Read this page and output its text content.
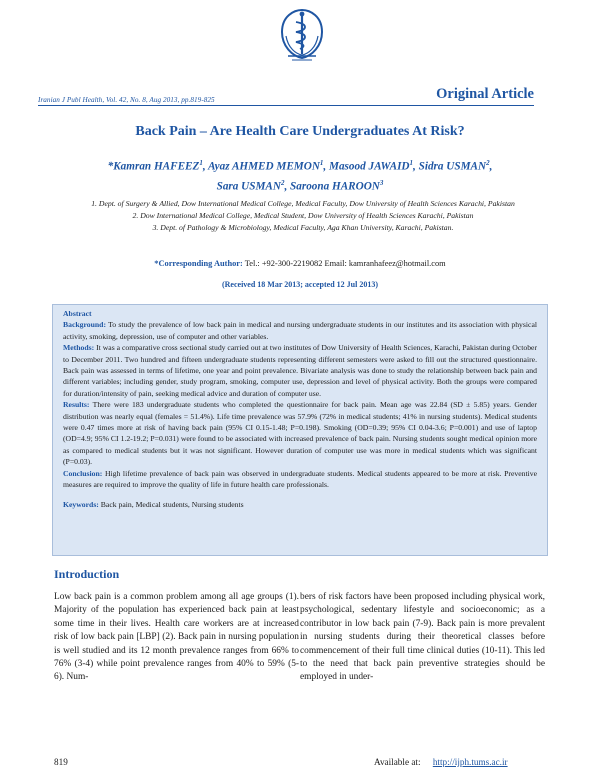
Iranian J Publ Health, Vol. 42, No. 8, Aug 2013, pp.819-825	Original Article
Back Pain – Are Health Care Undergraduates At Risk?
*Kamran HAFEEZ$^1$, Ayaz AHMED MEMON$^1$, Masood JAWAID$^1$, Sidra USMAN$^2$,
Sara USMAN$^2$, Saroona HAROON$^3$
1. Dept. of Surgery & Allied, Dow International Medical College, Medical Faculty, Dow University of Health Sciences Karachi, Pakistan
2. Dow International Medical College, Medical Student, Dow University of Health Sciences Karachi, Pakistan
3. Dept. of Pathology & Microbiology, Medical Faculty, Aga Khan University, Karachi, Pakistan.
*Corresponding Author: Tel.: +92-300-2219082 Email: kamranhafeez@hotmail.com
(Received 18 Mar 2013; accepted 12 Jul 2013)

Abstract

Background: To study the prevalence of low back pain in medical and nursing undergraduate students in our institutes and its association with physical activity, smoking, depression, use of computer and other variables.

Methods: It was a comparative cross sectional study carried out at two institutes of Dow University of Health Sciences, Karachi, Pakistan during October to December 2011. Two hundred and fifteen undergraduate students representing different semesters were asked to fill out the structured questionnaire. Back pain was assessed in terms of lifetime, one year and point prevalence. Bivariate analysis was done to study the relationship between back pain and different variables; including gender, study program, smoking, computer use, depression and level of physical activity. Both the groups were compared for duration/intensity of pain, seeking medical advice and duration of computer use.

Results: There were 183 undergraduate students who completed the questionnaire for back pain. Mean age was 22.84 (SD ± 5.85) years. Gender distribution was nearly equal (females = 51.4%). Life time prevalence was 57.9% (72% in medical students; 41% in nursing students). Medical students were 0.47 times more at risk of having back pain (95% CI 0.15-1.48; P=0.198). Smoking (OD=0.39; 95% CI 0.04-3.6; P=0.001) and use of laptop (OD=4.9; 95% CI 1.2-19.2; P=0.031) were found to be associated with increased prevalence of back pain. Nursing students sought medical opinion more as compared to medical students but it was not significant. However duration of computer use was more in medical students which was significant (P=0.03).

Conclusion: High lifetime prevalence of back pain was observed in undergraduate students. Medical students appeared to be more at risk. Preventive measures are required to improve the quality of life in future health care professionals.

Keywords: Back pain, Medical students, Nursing students

Introduction

Low back pain is a common problem among all age groups (1). Majority of the population has experienced back pain at least some time in their lives. Health care workers are at increased risk of low back pain [LBP] (2). Back pain in nursing population is well studied and its 12 month prevalence ranges from 66% to 76% (3-4) while point prevalence ranges from 40% to 59% (5-6). Num-

bers of risk factors have been proposed including physical work, psychological, sedentary lifestyle and socioeconomic; as a contributor in low back pain (7-9). Back pain is more prevalent in nursing students during their theoretical classes before commencement of their full time clinical duties (10-11). This led to the need that back pain preventive strategies should be employed in under-

819	Available at: http://ijph.tums.ac.ir
